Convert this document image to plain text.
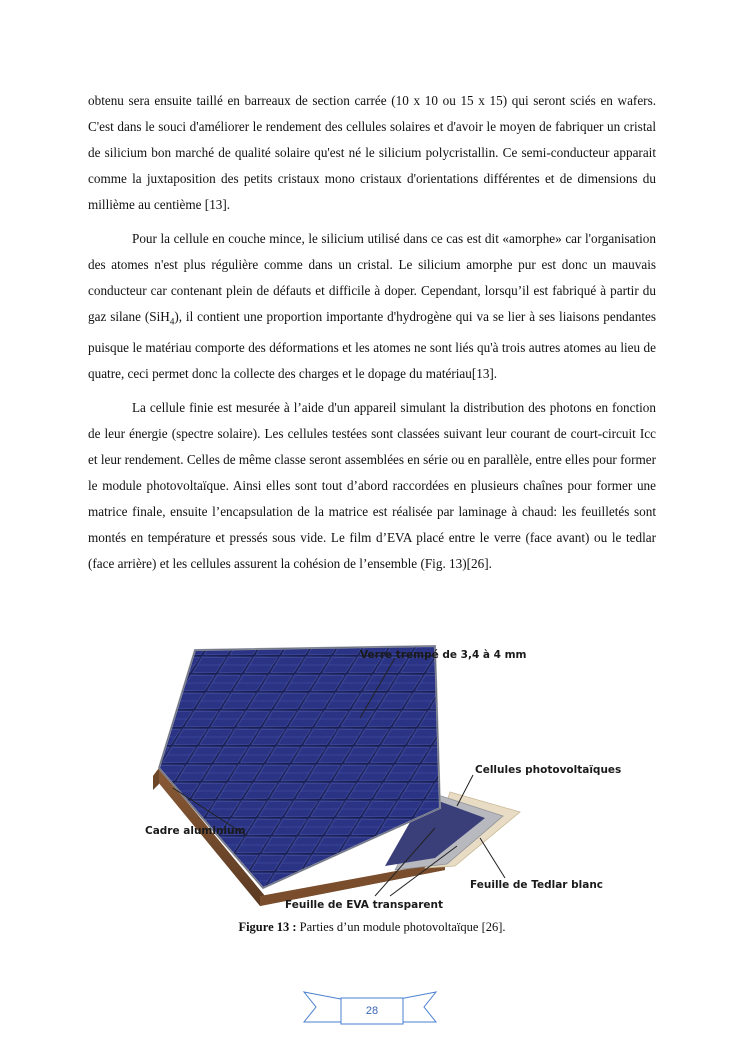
obtenu sera ensuite taillé en barreaux de section carrée (10 x 10 ou 15 x 15) qui seront sciés en wafers. C'est dans le souci d'améliorer le rendement des cellules solaires et d'avoir le moyen de fabriquer un cristal de silicium bon marché de qualité solaire qu'est né le silicium polycristallin. Ce semi-conducteur apparait comme la juxtaposition des petits cristaux mono cristaux d'orientations différentes et de dimensions du millième au centième [13].

Pour la cellule en couche mince, le silicium utilisé dans ce cas est dit «amorphe» car l'organisation des atomes n'est plus régulière comme dans un cristal. Le silicium amorphe pur est donc un mauvais conducteur car contenant plein de défauts et difficile à doper. Cependant, lorsqu’il est fabriqué à partir du gaz silane (SiH$_4$), il contient une proportion importante d'hydrogène qui va se lier à ses liaisons pendantes puisque le matériau comporte des déformations et les atomes ne sont liés qu'à trois autres atomes au lieu de quatre, ceci permet donc la collecte des charges et le dopage du matériau[13].

La cellule finie est mesurée à l’aide d'un appareil simulant la distribution des photons en fonction de leur énergie (spectre solaire). Les cellules testées sont classées suivant leur courant de court-circuit Icc et leur rendement. Celles de même classe seront assemblées en série ou en parallèle, entre elles pour former le module photovoltaïque. Ainsi elles sont tout d’abord raccordées en plusieurs chaînes pour former une matrice finale, ensuite l’encapsulation de la matrice est réalisée par laminage à chaud: les feuilletés sont montés en température et pressés sous vide. Le film d’EVA placé entre le verre (face avant) ou le tedlar (face arrière) et les cellules assurent la cohésion de l’ensemble (Fig. 13)[26].

Verre trempé de 3,4 à 4 mm
Cellules photovoltaïques
Cadre aluminium
Feuille de Tedlar blanc
Feuille de EVA transparent
Figure 13 : Parties d’un module photovoltaïque [26].
28
